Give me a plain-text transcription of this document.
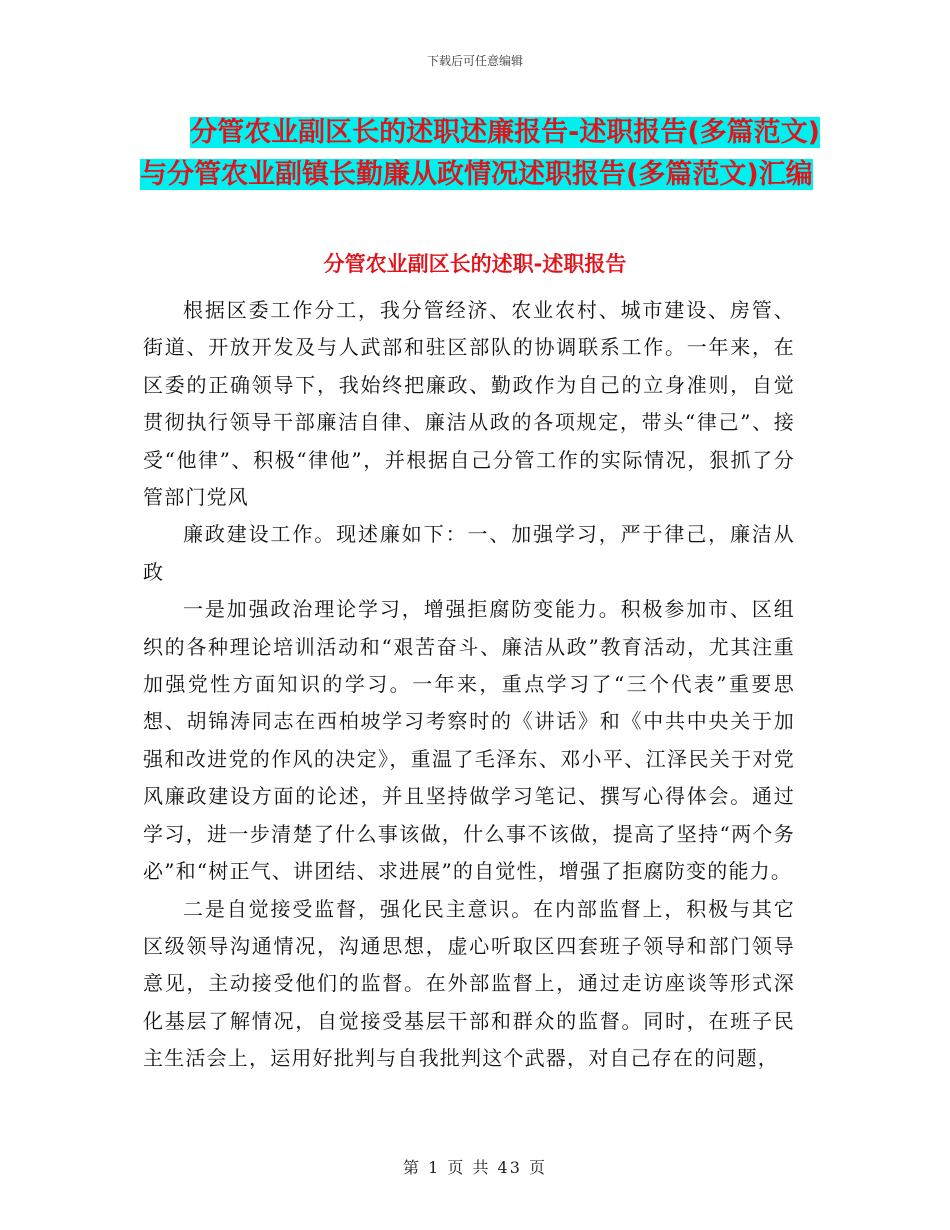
下载后可任意编辑
分管农业副区长的述职述廉报告-述职报告(多篇范文)
与分管农业副镇长勤廉从政情况述职报告(多篇范文)汇编
分管农业副区长的述职-述职报告

根据区委工作分工，我分管经济、农业农村、城市建设、房管、街道、开放开发及与人武部和驻区部队的协调联系工作。一年来，在区委的正确领导下，我始终把廉政、勤政作为自己的立身准则，自觉贯彻执行领导干部廉洁自律、廉洁从政的各项规定，带头“律己”、接受“他律”、积极“律他”，并根据自己分管工作的实际情况，狠抓了分管部门党风

廉政建设工作。现述廉如下：一、加强学习，严于律己，廉洁从政

一是加强政治理论学习，增强拒腐防变能力。积极参加市、区组织的各种理论培训活动和“艰苦奋斗、廉洁从政”教育活动，尤其注重加强党性方面知识的学习。一年来，重点学习了“三个代表”重要思想、胡锦涛同志在西柏坡学习考察时的《讲话》和《中共中央关于加强和改进党的作风的决定》，重温了毛泽东、邓小平、江泽民关于对党风廉政建设方面的论述，并且坚持做学习笔记、撰写心得体会。通过学习，进一步清楚了什么事该做，什么事不该做，提高了坚持“两个务必”和“树正气、讲团结、求进展”的自觉性，增强了拒腐防变的能力。

二是自觉接受监督，强化民主意识。在内部监督上，积极与其它区级领导沟通情况，沟通思想，虚心听取区四套班子领导和部门领导意见，主动接受他们的监督。在外部监督上，通过走访座谈等形式深化基层了解情况，自觉接受基层干部和群众的监督。同时，在班子民主生活会上，运用好批判与自我批判这个武器，对自己存在的问题，

第 1 页 共 43 页
